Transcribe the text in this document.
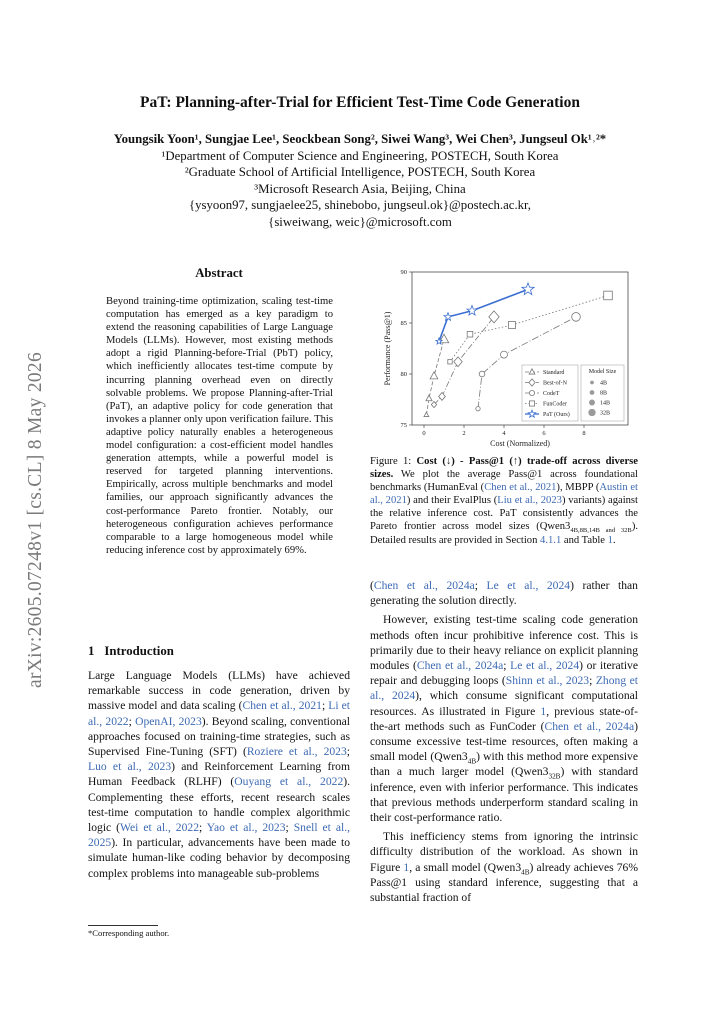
arXiv:2605.07248v1 [cs.CL] 8 May 2026
PaT: Planning-after-Trial for Efficient Test-Time Code Generation
Youngsik Yoon¹, Sungjae Lee¹, Seockbean Song², Siwei Wang³, Wei Chen³, Jungseul Ok¹˒²*
¹Department of Computer Science and Engineering, POSTECH, South Korea
²Graduate School of Artificial Intelligence, POSTECH, South Korea
³Microsoft Research Asia, Beijing, China
{ysyoon97, sungjaelee25, shinebobo, jungseul.ok}@postech.ac.kr,
{siweiwang, weic}@microsoft.com
Abstract
Beyond training-time optimization, scaling test-time computation has emerged as a key paradigm to extend the reasoning capabilities of Large Language Models (LLMs). However, most existing methods adopt a rigid Planning-before-Trial (PbT) policy, which inefficiently allocates test-time compute by incurring planning overhead even on directly solvable problems. We propose Planning-after-Trial (PaT), an adaptive policy for code generation that invokes a planner only upon verification failure. This adaptive policy naturally enables a heterogeneous model configuration: a cost-efficient model handles generation attempts, while a powerful model is reserved for targeted planning interventions. Empirically, across multiple benchmarks and model families, our approach significantly advances the cost-performance Pareto frontier. Notably, our heterogeneous configuration achieves performance comparable to a large homogeneous model while reducing inference cost by approximately 69%.
1 Introduction
Large Language Models (LLMs) have achieved remarkable success in code generation, driven by massive model and data scaling (Chen et al., 2021; Li et al., 2022; OpenAI, 2023). Beyond scaling, conventional approaches focused on training-time strategies, such as Supervised Fine-Tuning (SFT) (Roziere et al., 2023; Luo et al., 2023) and Reinforcement Learning from Human Feedback (RLHF) (Ouyang et al., 2022). Complementing these efforts, recent research scales test-time computation to handle complex algorithmic logic (Wei et al., 2022; Yao et al., 2023; Snell et al., 2025). In particular, advancements have been made to simulate human-like coding behavior by decomposing complex problems into manageable sub-problems
*Corresponding author.
0	2	4	6	8
75
80
85
90
Cost (Normalized)
Performance (Pass@1)	Standard
Best-of-N
CodeT
FunCoder
PaT (Ours)
Model Size
4B
8B
14B
32B
Figure 1: Cost (↓) - Pass@1 (↑) trade-off across diverse sizes. We plot the average Pass@1 across foundational benchmarks (HumanEval (Chen et al., 2021), MBPP (Austin et al., 2021) and their EvalPlus (Liu et al., 2023) variants) against the relative inference cost. PaT consistently advances the Pareto frontier across model sizes $(Qwen3_{4B,8B,14B and 32B})$. Detailed results are provided in Section 4.1.1 and Table 1.

(Chen et al., 2024a; Le et al., 2024) rather than generating the solution directly.

However, existing test-time scaling code generation methods often incur prohibitive inference cost. This is primarily due to their heavy reliance on explicit planning modules (Chen et al., 2024a; Le et al., 2024) or iterative repair and debugging loops (Shinn et al., 2023; Zhong et al., 2024), which consume significant computational resources. As illustrated in Figure 1, previous state-of-the-art methods such as FunCoder (Chen et al., 2024a) consume excessive test-time resources, often making a small model $(Qwen3_{4B})$ with this method more expensive than a much larger model $(Qwen3_{32B})$ with standard inference, even with inferior performance. This indicates that previous methods underperform standard scaling in their cost-performance ratio.

This inefficiency stems from ignoring the intrinsic difficulty distribution of the workload. As shown in Figure 1, a small model $(Qwen3_{4B})$ already achieves 76% Pass@1 using standard inference, suggesting that a substantial fraction of
